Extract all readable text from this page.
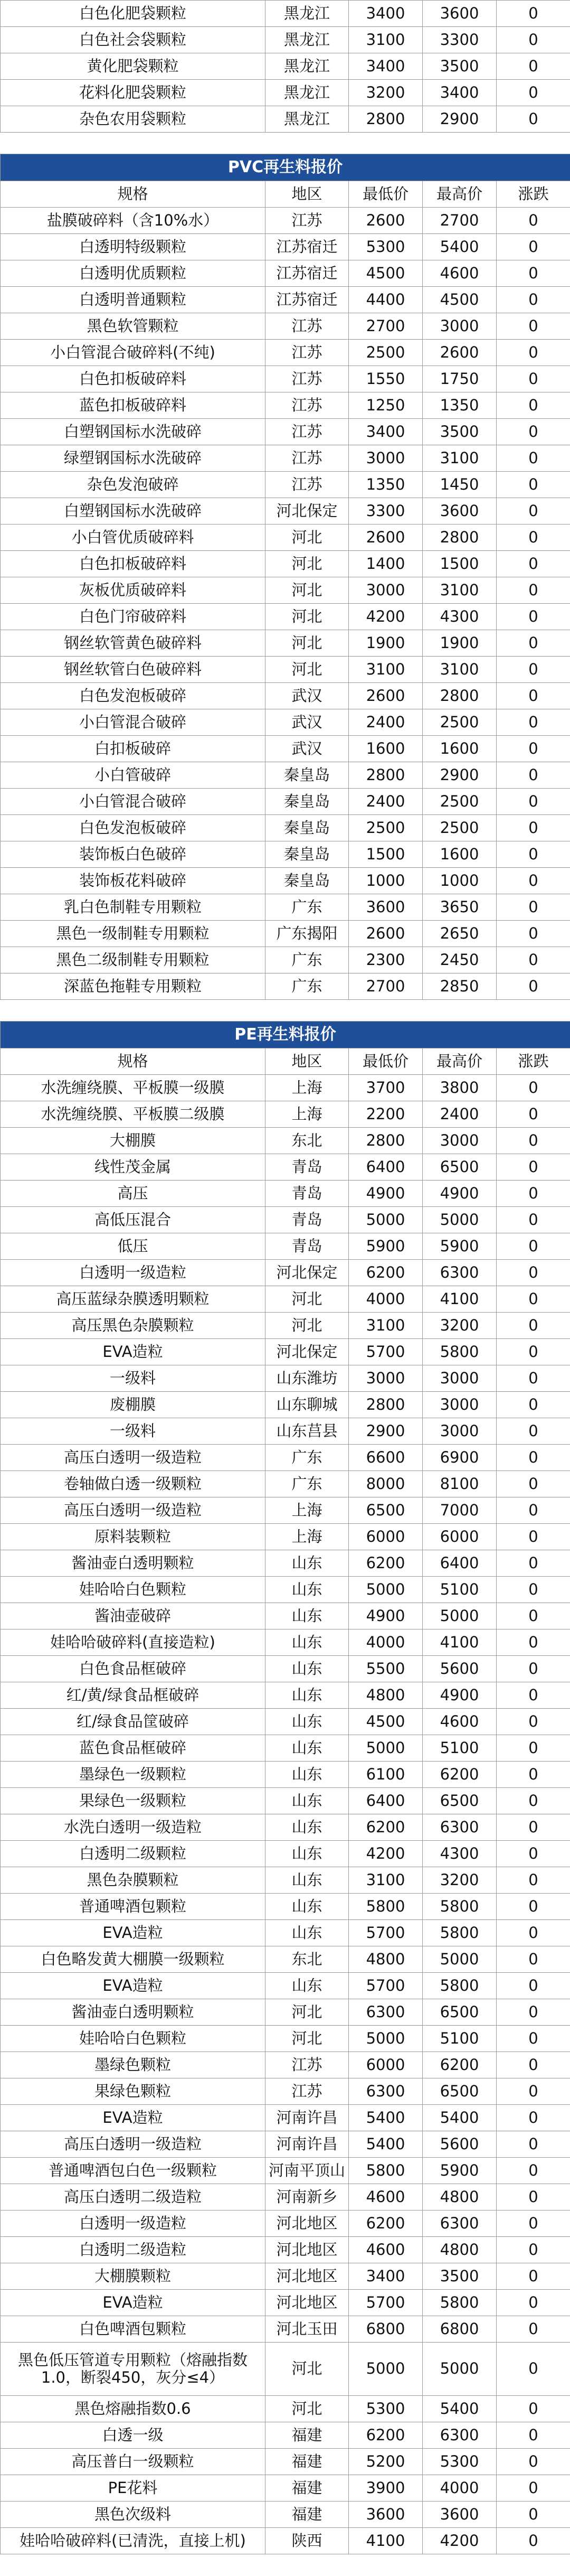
白色化肥袋颗粒	黑龙江	3400	3600	0
白色社会袋颗粒	黑龙江	3100	3300	0
黄化肥袋颗粒	黑龙江	3400	3500	0
花料化肥袋颗粒	黑龙江	3200	3400	0
杂色农用袋颗粒	黑龙江	2800	2900	0
PVC再生料报价				
规格	地区	最低价	最高价	涨跌
盐膜破碎料（含10%水）	江苏	2600	2700	0
白透明特级颗粒	江苏宿迁	5300	5400	0
白透明优质颗粒	江苏宿迁	4500	4600	0
白透明普通颗粒	江苏宿迁	4400	4500	0
黑色软管颗粒	江苏	2700	3000	0
小白管混合破碎料(不纯)	江苏	2500	2600	0
白色扣板破碎料	江苏	1550	1750	0
蓝色扣板破碎料	江苏	1250	1350	0
白塑钢国标水洗破碎	江苏	3400	3500	0
绿塑钢国标水洗破碎	江苏	3000	3100	0
杂色发泡破碎	江苏	1350	1450	0
白塑钢国标水洗破碎	河北保定	3300	3600	0
小白管优质破碎料	河北	2600	2800	0
白色扣板破碎料	河北	1400	1500	0
灰板优质破碎料	河北	3000	3100	0
白色门帘破碎料	河北	4200	4300	0
钢丝软管黄色破碎料	河北	1900	1900	0
钢丝软管白色破碎料	河北	3100	3100	0
白色发泡板破碎	武汉	2600	2800	0
小白管混合破碎	武汉	2400	2500	0
白扣板破碎	武汉	1600	1600	0
小白管破碎	秦皇岛	2800	2900	0
小白管混合破碎	秦皇岛	2400	2500	0
白色发泡板破碎	秦皇岛	2500	2500	0
装饰板白色破碎	秦皇岛	1500	1600	0
装饰板花料破碎	秦皇岛	1000	1000	0
乳白色制鞋专用颗粒	广东	3600	3650	0
黑色一级制鞋专用颗粒	广东揭阳	2600	2650	0
黑色二级制鞋专用颗粒	广东	2300	2450	0
深蓝色拖鞋专用颗粒	广东	2700	2850	0
PE再生料报价				
规格	地区	最低价	最高价	涨跌
水洗缠绕膜、平板膜一级膜	上海	3700	3800	0
水洗缠绕膜、平板膜二级膜	上海	2200	2400	0
大棚膜	东北	2800	3000	0
线性茂金属	青岛	6400	6500	0
高压	青岛	4900	4900	0
高低压混合	青岛	5000	5000	0
低压	青岛	5900	5900	0
白透明一级造粒	河北保定	6200	6300	0
高压蓝绿杂膜透明颗粒	河北	4000	4100	0
高压黑色杂膜颗粒	河北	3100	3200	0
EVA造粒	河北保定	5700	5800	0
一级料	山东潍坊	3000	3000	0
废棚膜	山东聊城	2800	3000	0
一级料	山东莒县	2900	3000	0
高压白透明一级造粒	广东	6600	6900	0
卷轴做白透一级颗粒	广东	8000	8100	0
高压白透明一级造粒	上海	6500	7000	0
原料装颗粒	上海	6000	6000	0
酱油壶白透明颗粒	山东	6200	6400	0
娃哈哈白色颗粒	山东	5000	5100	0
酱油壶破碎	山东	4900	5000	0
娃哈哈破碎料(直接造粒)	山东	4000	4100	0
白色食品框破碎	山东	5500	5600	0
红/黄/绿食品框破碎	山东	4800	4900	0
红/绿食品筐破碎	山东	4500	4600	0
蓝色食品框破碎	山东	5000	5100	0
墨绿色一级颗粒	山东	6100	6200	0
果绿色一级颗粒	山东	6400	6500	0
水洗白透明一级造粒	山东	6200	6300	0
白透明二级颗粒	山东	4200	4300	0
黑色杂膜颗粒	山东	3100	3200	0
普通啤酒包颗粒	山东	5800	5800	0
EVA造粒	山东	5700	5800	0
白色略发黄大棚膜一级颗粒	东北	4800	5000	0
EVA造粒	山东	5700	5800	0
酱油壶白透明颗粒	河北	6300	6500	0
娃哈哈白色颗粒	河北	5000	5100	0
墨绿色颗粒	江苏	6000	6200	0
果绿色颗粒	江苏	6300	6500	0
EVA造粒	河南许昌	5400	5400	0
高压白透明一级造粒	河南许昌	5400	5600	0
普通啤酒包白色一级颗粒	河南平顶山	5800	5900	0
高压白透明二级造粒	河南新乡	4600	4800	0
白透明一级造粒	河北地区	6200	6300	0
白透明二级造粒	河北地区	4600	4800	0
大棚膜颗粒	河北地区	3400	3500	0
EVA造粒	河北地区	5700	5800	0
白色啤酒包颗粒	河北玉田	6800	6800	0
黑色低压管道专用颗粒（熔融指数1.0，断裂450，灰分≤4）	河北	5000	5000	0
黑色熔融指数0.6	河北	5300	5400	0
白透一级	福建	6200	6300	0
高压普白一级颗粒	福建	5200	5300	0
PE花料	福建	3900	4000	0
黑色次级料	福建	3600	3600	0
娃哈哈破碎料(已清洗，直接上机)	陕西	4100	4200	0
